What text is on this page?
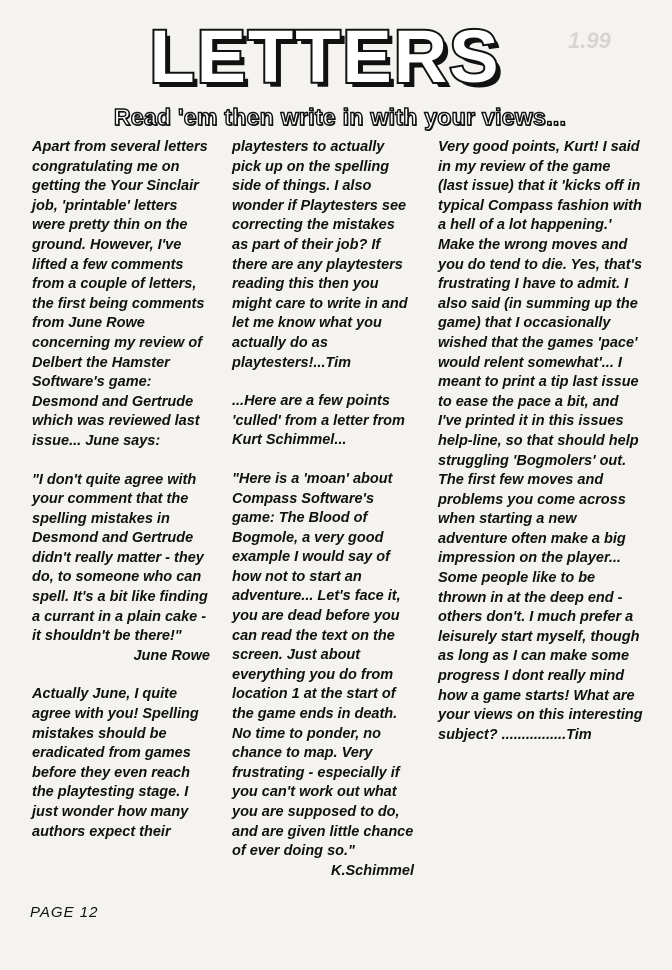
1.99
LETTERS
Read 'em then write in with your views...

Apart from several letters congratulating me on getting the Your Sinclair job, 'printable' letters were pretty thin on the ground. However, I've lifted a few comments from a couple of letters, the first being comments from June Rowe concerning my review of Delbert the Hamster Software's game: Desmond and Gertrude which was reviewed last issue... June says:

"I don't quite agree with your comment that the spelling mistakes in Desmond and Gertrude didn't really matter - they do, to someone who can spell. It's a bit like finding a currant in a plain cake - it shouldn't be there!"

June Rowe

Actually June, I quite agree with you! Spelling mistakes should be eradicated from games before they even reach the playtesting stage. I just wonder how many authors expect their

playtesters to actually pick up on the spelling side of things. I also wonder if Playtesters see correcting the mistakes as part of their job? If there are any playtesters reading this then you might care to write in and let me know what you actually do as playtesters!...Tim

...Here are a few points 'culled' from a letter from Kurt Schimmel...

"Here is a 'moan' about Compass Software's game: The Blood of Bogmole, a very good example I would say of how not to start an adventure... Let's face it, you are dead before you can read the text on the screen. Just about everything you do from location 1 at the start of the game ends in death. No time to ponder, no chance to map. Very frustrating - especially if you can't work out what you are supposed to do, and are given little chance of ever doing so."

K.Schimmel

Very good points, Kurt! I said in my review of the game (last issue) that it 'kicks off in typical Compass fashion with a hell of a lot happening.' Make the wrong moves and you do tend to die. Yes, that's frustrating I have to admit. I also said (in summing up the game) that I occasionally wished that the games 'pace' would relent somewhat'... I meant to print a tip last issue to ease the pace a bit, and I've printed it in this issues help-line, so that should help struggling 'Bogmolers' out.

The first few moves and problems you come across when starting a new adventure often make a big impression on the player... Some people like to be thrown in at the deep end - others don't. I much prefer a leisurely start myself, though as long as I can make some progress I dont really mind how a game starts! What are your views on this interesting subject? ................Tim

PAGE 12
